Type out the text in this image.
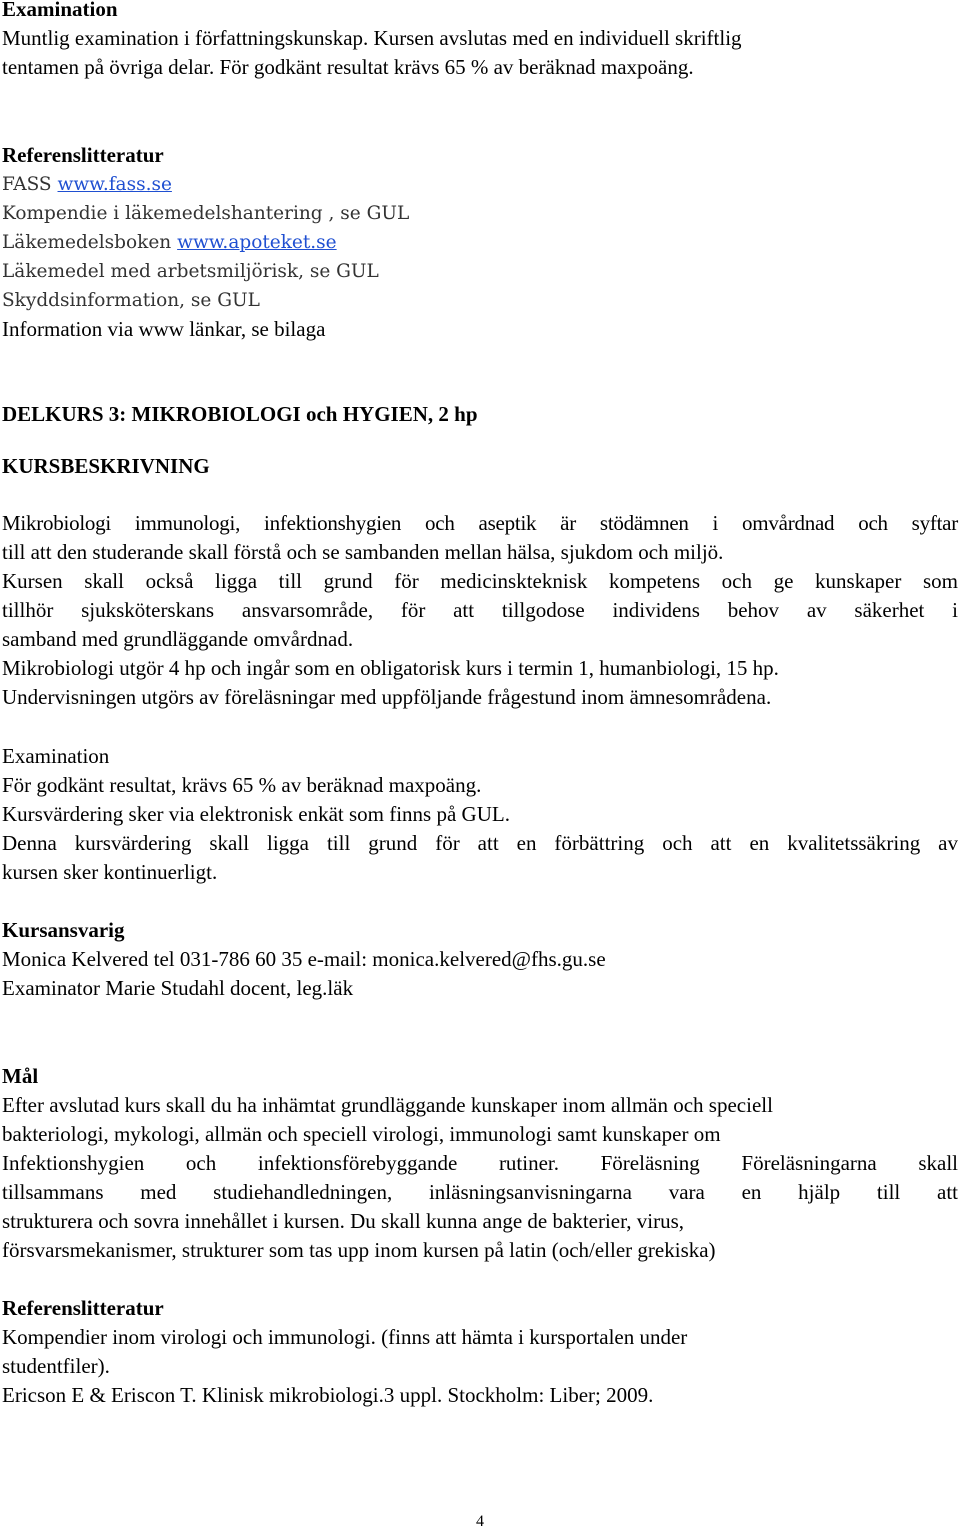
Examination
Muntlig examination i författningskunskap. Kursen avslutas med en individuell skriftlig
tentamen på övriga delar. För godkänt resultat krävs 65 % av beräknad maxpoäng.
Referenslitteratur
FASS www.fass.se
Kompendie i läkemedelshantering , se GUL
Läkemedelsboken www.apoteket.se
Läkemedel med arbetsmiljörisk, se GUL
Skyddsinformation, se GUL
Information via www länkar, se bilaga
DELKURS 3: MIKROBIOLOGI och HYGIEN, 2 hp
KURSBESKRIVNING
Mikrobiologi immunologi, infektionshygien och aseptik är stödämnen i omvårdnad och syftar
till att den studerande skall förstå och se sambanden mellan hälsa, sjukdom och miljö.
Kursen skall också ligga till grund för medicinskteknisk kompetens och ge kunskaper som
tillhör sjuksköterskans ansvarsområde, för att tillgodose individens behov av säkerhet i
samband med grundläggande omvårdnad.
Mikrobiologi utgör 4 hp och ingår som en obligatorisk kurs i termin 1, humanbiologi, 15 hp.
Undervisningen utgörs av föreläsningar med uppföljande frågestund inom ämnesområdena.
Examination
För godkänt resultat, krävs 65 % av beräknad maxpoäng.
Kursvärdering sker via elektronisk enkät som finns på GUL.
Denna kursvärdering skall ligga till grund för att en förbättring och att en kvalitetssäkring av
kursen sker kontinuerligt.
Kursansvarig
Monica Kelvered tel 031-786 60 35 e-mail: monica.kelvered@fhs.gu.se
Examinator Marie Studahl docent, leg.läk
Mål
Efter avslutad kurs skall du ha inhämtat grundläggande kunskaper inom allmän och speciell
bakteriologi, mykologi, allmän och speciell virologi, immunologi samt kunskaper om
Infektionshygien och infektionsförebyggande rutiner. Föreläsning Föreläsningarna skall
tillsammans med studiehandledningen, inläsningsanvisningarna vara en hjälp till att
strukturera och sovra innehållet i kursen. Du skall kunna ange de bakterier, virus,
försvarsmekanismer, strukturer som tas upp inom kursen på latin (och/eller grekiska)
Referenslitteratur
Kompendier inom virologi och immunologi. (finns att hämta i kursportalen under
studentfiler).
Ericson E & Eriscon T. Klinisk mikrobiologi.3 uppl. Stockholm: Liber; 2009.
4
